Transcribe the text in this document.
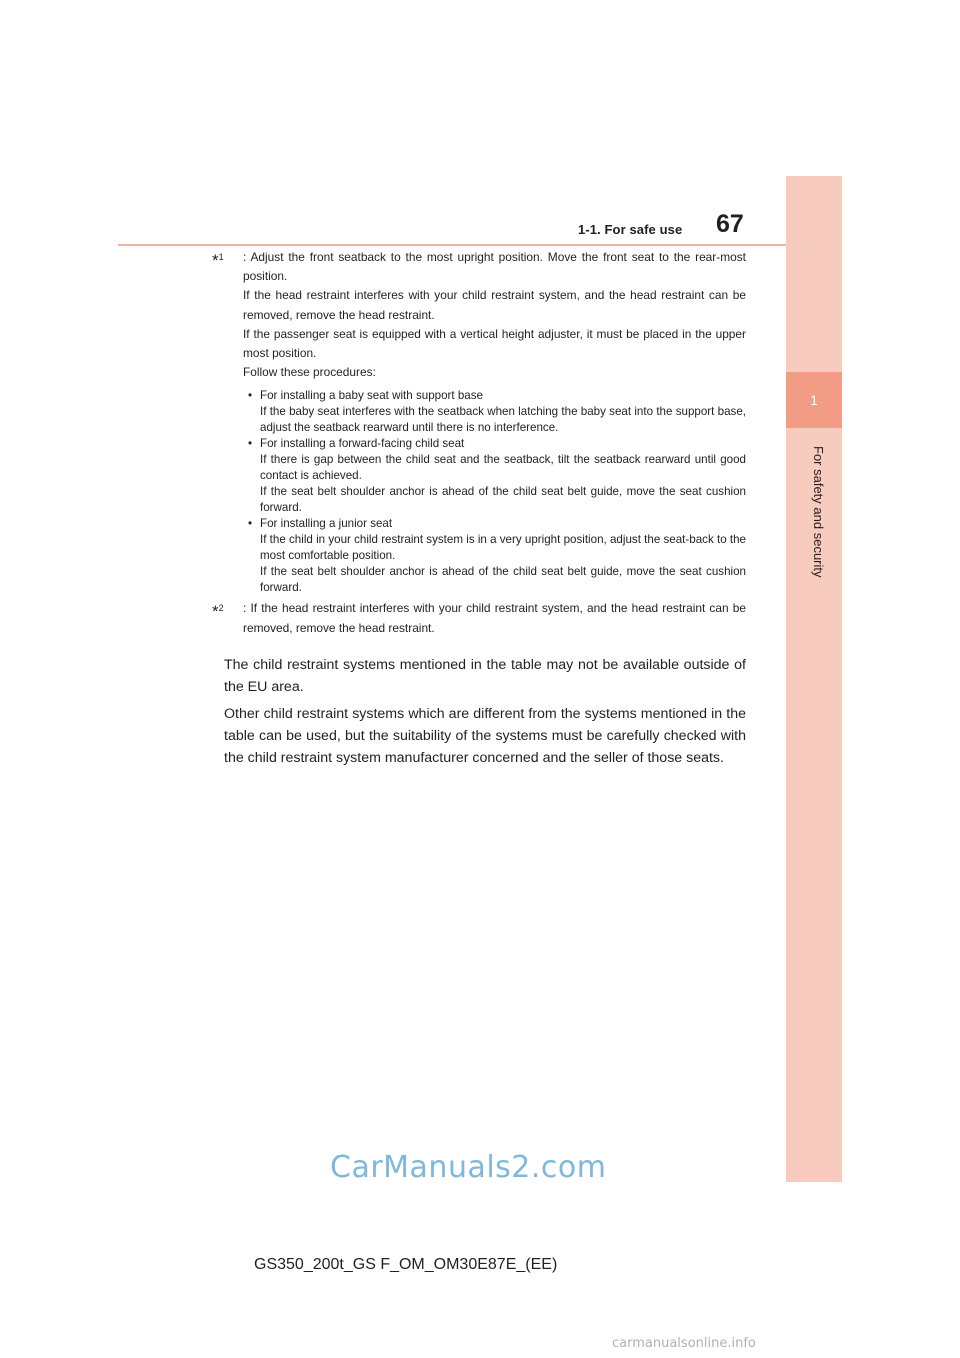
1-1. For safe use 67
1
For safety and security
*$^1$ : Adjust the front seatback to the most upright position. Move the front seat to the rear-most position.

If the head restraint interferes with your child restraint system, and the head restraint can be removed, remove the head restraint.

If the passenger seat is equipped with a vertical height adjuster, it must be placed in the upper most position.

Follow these procedures:

• For installing a baby seat with support base

If the baby seat interferes with the seatback when latching the baby seat into the support base, adjust the seatback rearward until there is no interference.

• For installing a forward-facing child seat

If there is gap between the child seat and the seatback, tilt the seatback rearward until good contact is achieved.

If the seat belt shoulder anchor is ahead of the child seat belt guide, move the seat cushion forward.

• For installing a junior seat

If the child in your child restraint system is in a very upright position, adjust the seat-back to the most comfortable position.

If the seat belt shoulder anchor is ahead of the child seat belt guide, move the seat cushion forward.

*$^2$ : If the head restraint interferes with your child restraint system, and the head restraint can be removed, remove the head restraint.

The child restraint systems mentioned in the table may not be available outside of the EU area.

Other child restraint systems which are different from the systems mentioned in the table can be used, but the suitability of the systems must be carefully checked with the child restraint system manufacturer concerned and the seller of those seats.

CarManuals2.com
GS350_200t_GS F_OM_OM30E87E_(EE)
carmanualsonline.info
